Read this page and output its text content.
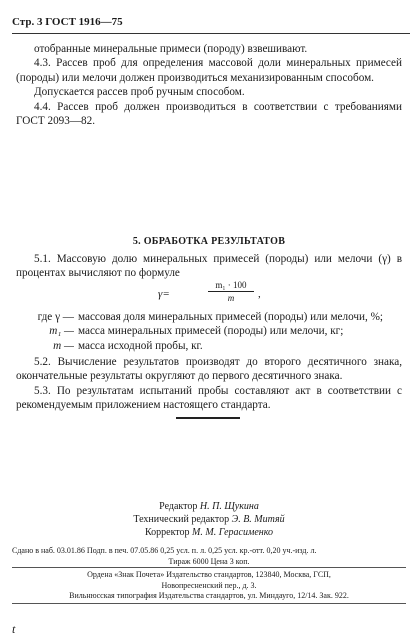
Стр. 3 ГОСТ 1916—75

отобранные минеральные примеси (породу) взвешивают.

4.3. Рассев проб для определения массовой доли минеральных примесей (породы) или мелочи должен производиться механизированным способом.

Допускается рассев проб ручным способом.

4.4. Рассев проб должен производиться в соответствии с требованиями ГОСТ 2093—82.

5. ОБРАБОТКА РЕЗУЛЬТАТОВ

5.1. Массовую долю минеральных примесей (породы) или мелочи (γ) в процентах вычисляют по формуле

γ=
m₁ · 100
m	,
где γ — массовая доля минеральных примесей (породы) или мелочи, %;
m₁ — масса минеральных примесей (породы) или мелочи, кг;
m — масса исходной пробы, кг.

5.2. Вычисление результатов производят до второго десятичного знака, окончательные результаты округляют до первого десятичного знака.

5.3. По результатам испытаний пробы составляют акт в соответствии с рекомендуемым приложением настоящего стандарта.

Редактор Н. П. Щукина
Технический редактор Э. В. Митяй
Корректор М. М. Герасименко
Сдано в наб. 03.01.86 Подп. в печ. 07.05.86 0,25 усл. п. л. 0,25 усл. кр.-отт. 0,20 уч.-изд. л.
Тираж 6000 Цена 3 коп.
Ордена «Знак Почета» Издательство стандартов, 123840, Москва, ГСП,
Новопресненский пер., д. 3.
Вильнюсская типография Издательства стандартов, ул. Миндауго, 12/14. Зак. 922.
t
